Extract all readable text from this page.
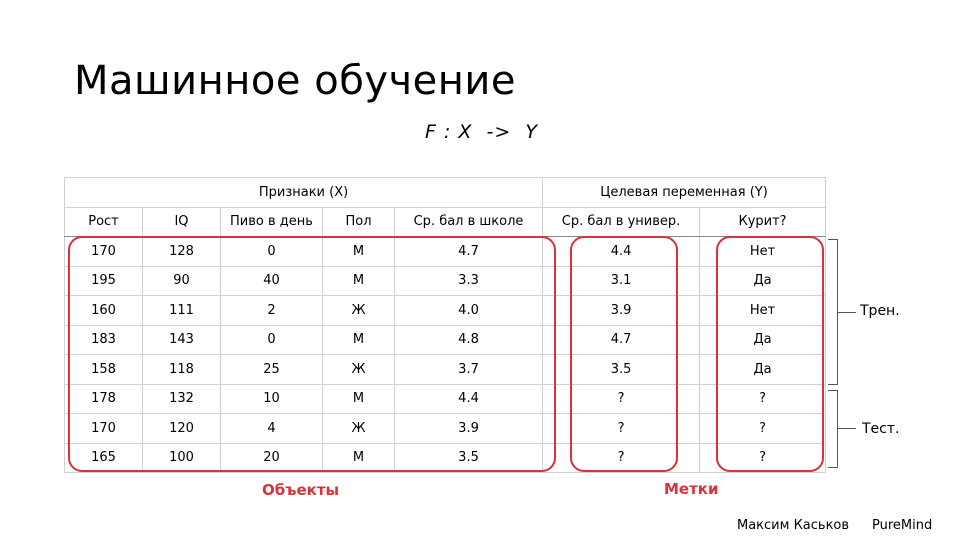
Машинное обучение
F : X  ->  Y
Признаки (X)					Целевая переменная (Y)	
Рост	IQ	Пиво в день	Пол	Ср. бал в школе	Ср. бал в универ.	Курит?
170	128	0	М	4.7	4.4	Нет
195	90	40	М	3.3	3.1	Да
160	111	2	Ж	4.0	3.9	Нет
183	143	0	М	4.8	4.7	Да
158	118	25	Ж	3.7	3.5	Да
178	132	10	М	4.4	?	?
170	120	4	Ж	3.9	?	?
165	100	20	М	3.5	?	?
Объекты	Метки
Трен.
Тест.
Максим Каськов PureMind
